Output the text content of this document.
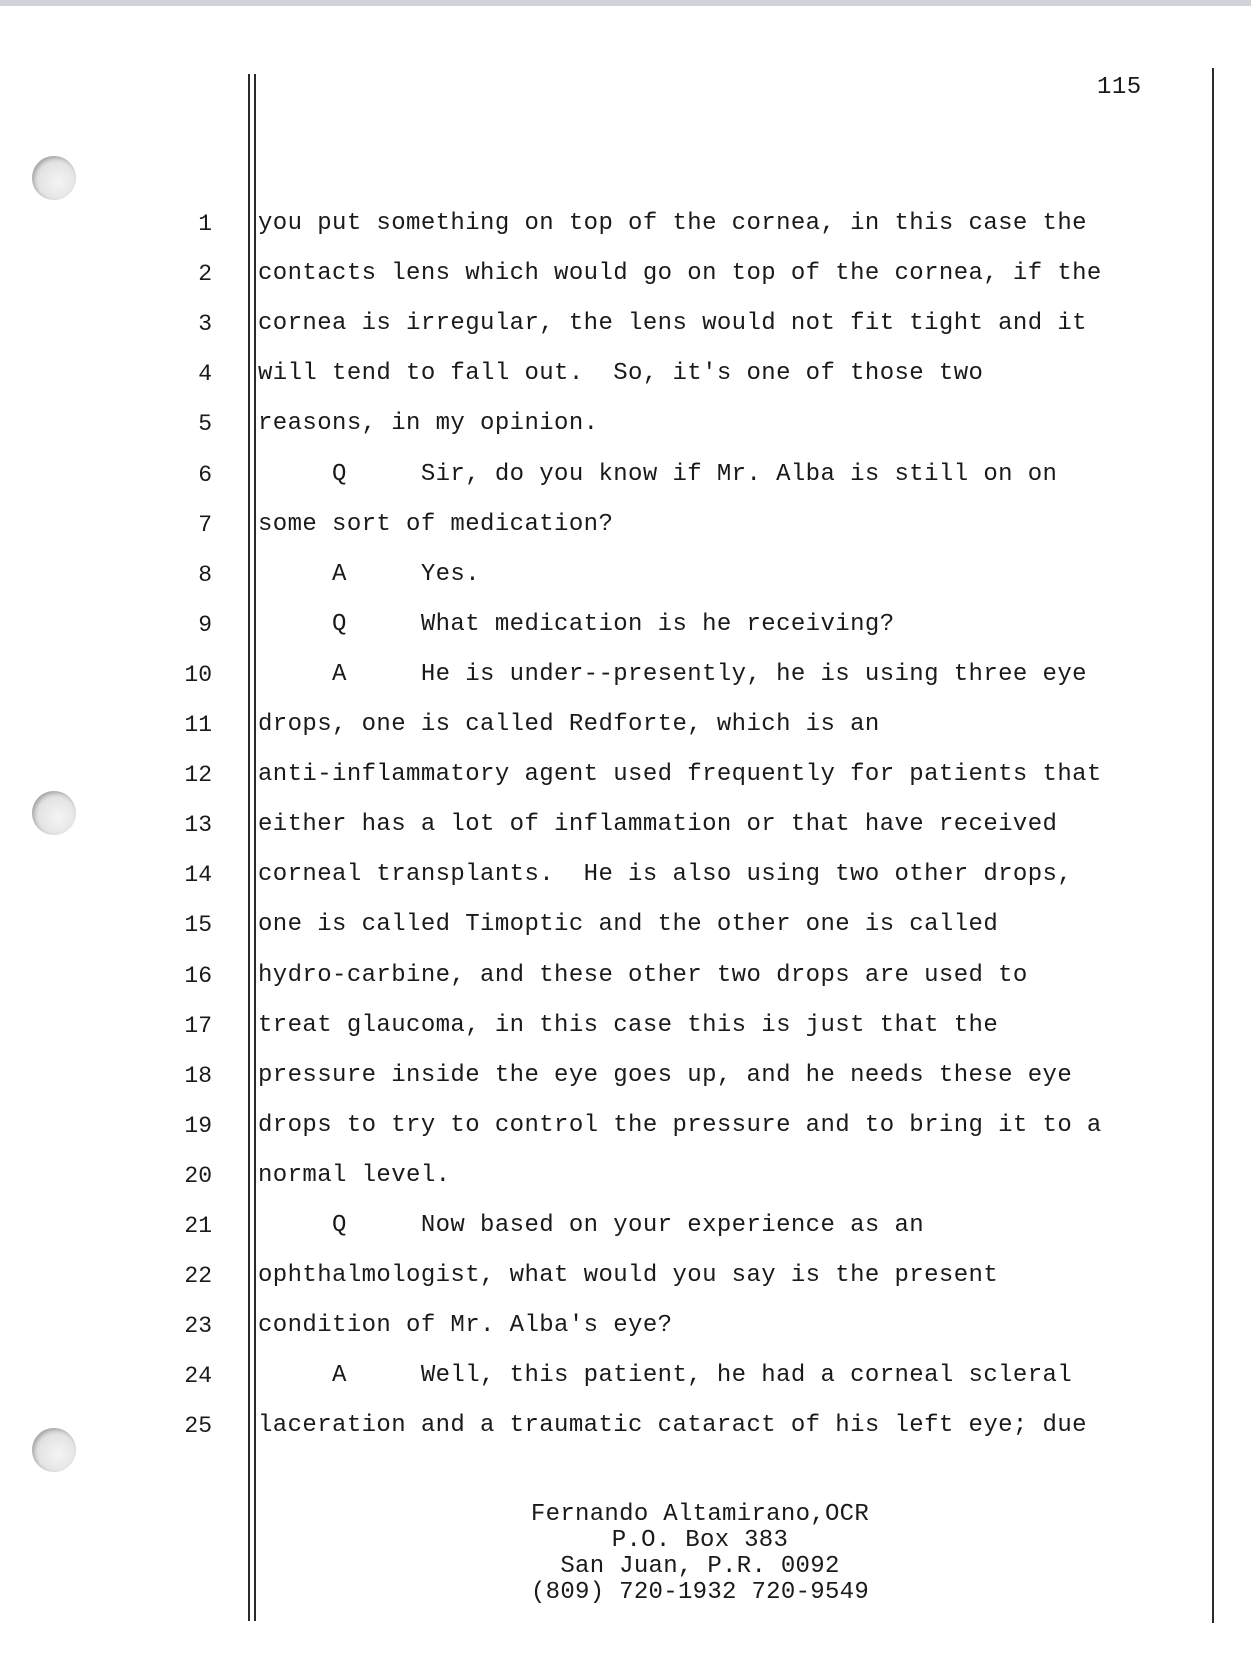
115
1 you put something on top of the cornea, in this case the
2 contacts lens which would go on top of the cornea, if the
3 cornea is irregular, the lens would not fit tight and it
4 will tend to fall out.  So, it's one of those two
5 reasons, in my opinion.
6 Q     Sir, do you know if Mr. Alba is still on on
7 some sort of medication?
8 A     Yes.
9 Q     What medication is he receiving?
10 A     He is under--presently, he is using three eye
11 drops, one is called Redforte, which is an
12 anti-inflammatory agent used frequently for patients that
13 either has a lot of inflammation or that have received
14 corneal transplants.  He is also using two other drops,
15 one is called Timoptic and the other one is called
16 hydro-carbine, and these other two drops are used to
17 treat glaucoma, in this case this is just that the
18 pressure inside the eye goes up, and he needs these eye
19 drops to try to control the pressure and to bring it to a
20 normal level.
21 Q     Now based on your experience as an
22 ophthalmologist, what would you say is the present
23 condition of Mr. Alba's eye?
24 A     Well, this patient, he had a corneal scleral
25 laceration and a traumatic cataract of his left eye; due
Fernando Altamirano,OCR
P.O. Box 383
San Juan, P.R. 0092
(809) 720-1932 720-9549
